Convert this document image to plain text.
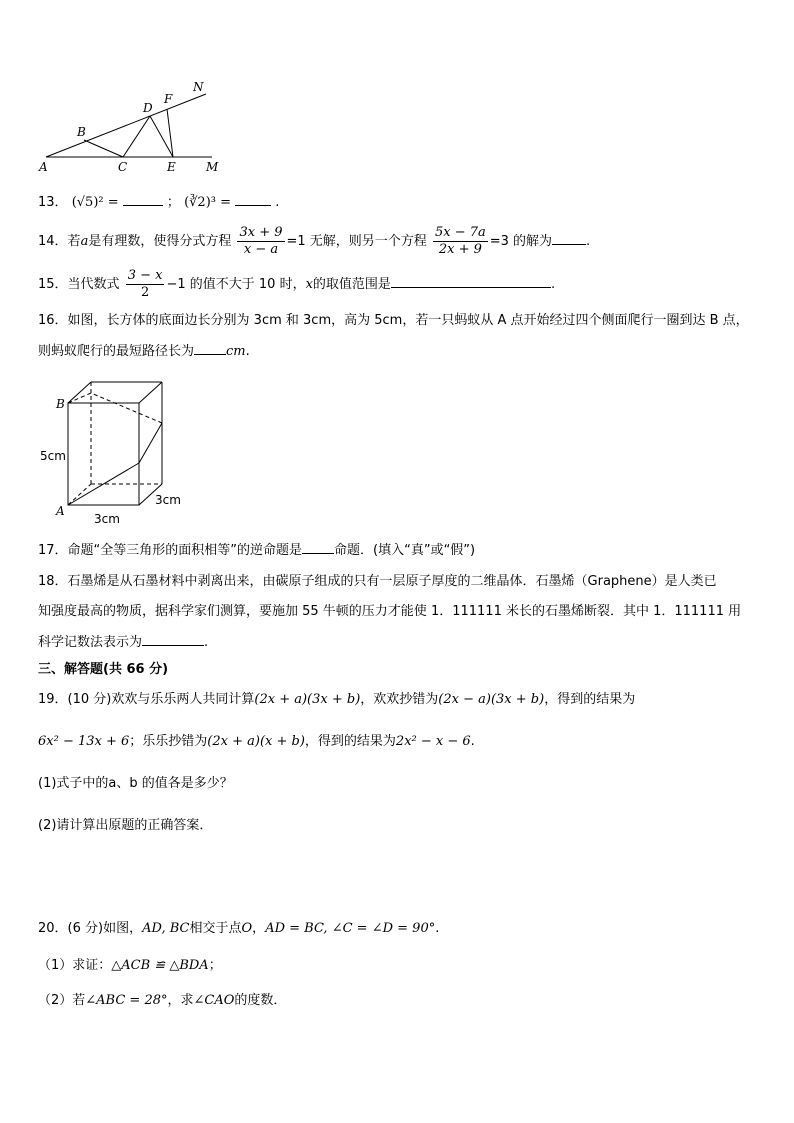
A
B
C
D
E
F
M
N
13． (√5)² =	； (∛2)³ =	.
14．若a是有理数，使得分式方程 $\frac{3x + 9}{x - a} =1$ 无解，则另一个方程 $\frac{5x - 7a}{2x + 9} =3$ 的解为	.
15．当代数式 $\frac{3 - x}{2} -1$ 的值不大于 10 时，x的取值范围是	.
16．如图，长方体的底面边长分别为 3cm 和 3cm，高为 5cm，若一只蚂蚁从 A 点开始经过四个侧面爬行一圈到达 B 点，
则蚂蚁爬行的最短路径长为 cm.
B
A
5cm
3cm
3cm
17．命题“全等三角形的面积相等”的逆命题是 命题．(填入“真”或“假”)
18．石墨烯是从石墨材料中剥离出来，由碳原子组成的只有一层原子厚度的二维晶体．石墨烯（Graphene）是人类已
知强度最高的物质，据科学家们测算，要施加 55 牛顿的压力才能使 1．111111 米长的石墨烯断裂．其中 1．111111 用
科学记数法表示为	.
三、解答题(共 66 分)
19．(10 分)欢欢与乐乐两人共同计算(2x + a)(3x + b)，欢欢抄错为(2x − a)(3x + b)，得到的结果为
6x² − 13x + 6；乐乐抄错为(2x + a)(x + b)，得到的结果为2x² − x − 6.
(1)式子中的a、b 的值各是多少？
(2)请计算出原题的正确答案．
20．(6 分)如图，AD, BC相交于点O，AD = BC, ∠C = ∠D = 90°.
（1）求证：△ACB ≌ △BDA；
（2）若∠ABC = 28°，求∠CAO的度数．
